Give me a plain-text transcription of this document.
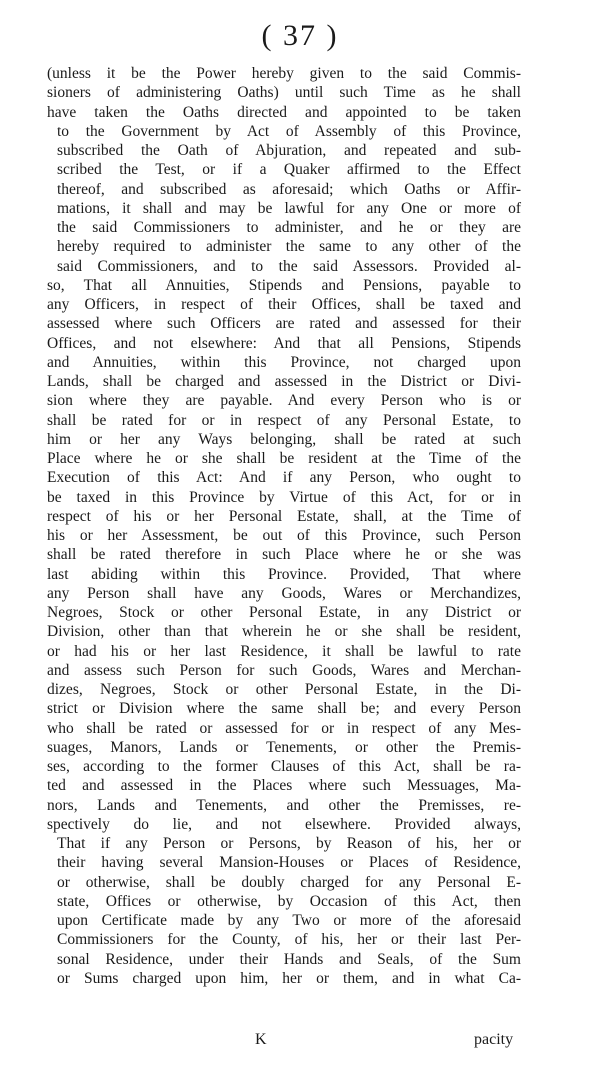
( 37 )
(unless it be the Power hereby given to the said Commis-
sioners of administering Oaths) until such Time as he shall
have taken the Oaths directed and appointed to be taken
to the Government by Act of Assembly of this Province,
subscribed the Oath of Abjuration, and repeated and sub-
scribed the Test, or if a Quaker affirmed to the Effect
thereof, and subscribed as aforesaid; which Oaths or Affir-
mations, it shall and may be lawful for any One or more of
the said Commissioners to administer, and he or they are
hereby required to administer the same to any other of the
said Commissioners, and to the said Assessors. Provided al-
so, That all Annuities, Stipends and Pensions, payable to
any Officers, in respect of their Offices, shall be taxed and
assessed where such Officers are rated and assessed for their
Offices, and not elsewhere: And that all Pensions, Stipends
and Annuities, within this Province, not charged upon
Lands, shall be charged and assessed in the District or Divi-
sion where they are payable. And every Person who is or
shall be rated for or in respect of any Personal Estate, to
him or her any Ways belonging, shall be rated at such
Place where he or she shall be resident at the Time of the
Execution of this Act: And if any Person, who ought to
be taxed in this Province by Virtue of this Act, for or in
respect of his or her Personal Estate, shall, at the Time of
his or her Assessment, be out of this Province, such Person
shall be rated therefore in such Place where he or she was
last abiding within this Province. Provided, That where
any Person shall have any Goods, Wares or Merchandizes,
Negroes, Stock or other Personal Estate, in any District or
Division, other than that wherein he or she shall be resident,
or had his or her last Residence, it shall be lawful to rate
and assess such Person for such Goods, Wares and Merchan-
dizes, Negroes, Stock or other Personal Estate, in the Di-
strict or Division where the same shall be; and every Person
who shall be rated or assessed for or in respect of any Mes-
suages, Manors, Lands or Tenements, or other the Premis-
ses, according to the former Clauses of this Act, shall be ra-
ted and assessed in the Places where such Messuages, Ma-
nors, Lands and Tenements, and other the Premisses, re-
spectively do lie, and not elsewhere. Provided always,
That if any Person or Persons, by Reason of his, her or
their having several Mansion-Houses or Places of Residence,
or otherwise, shall be doubly charged for any Personal E-
state, Offices or otherwise, by Occasion of this Act, then
upon Certificate made by any Two or more of the aforesaid
Commissioners for the County, of his, her or their last Per-
sonal Residence, under their Hands and Seals, of the Sum
or Sums charged upon him, her or them, and in what Ca-
K	pacity
